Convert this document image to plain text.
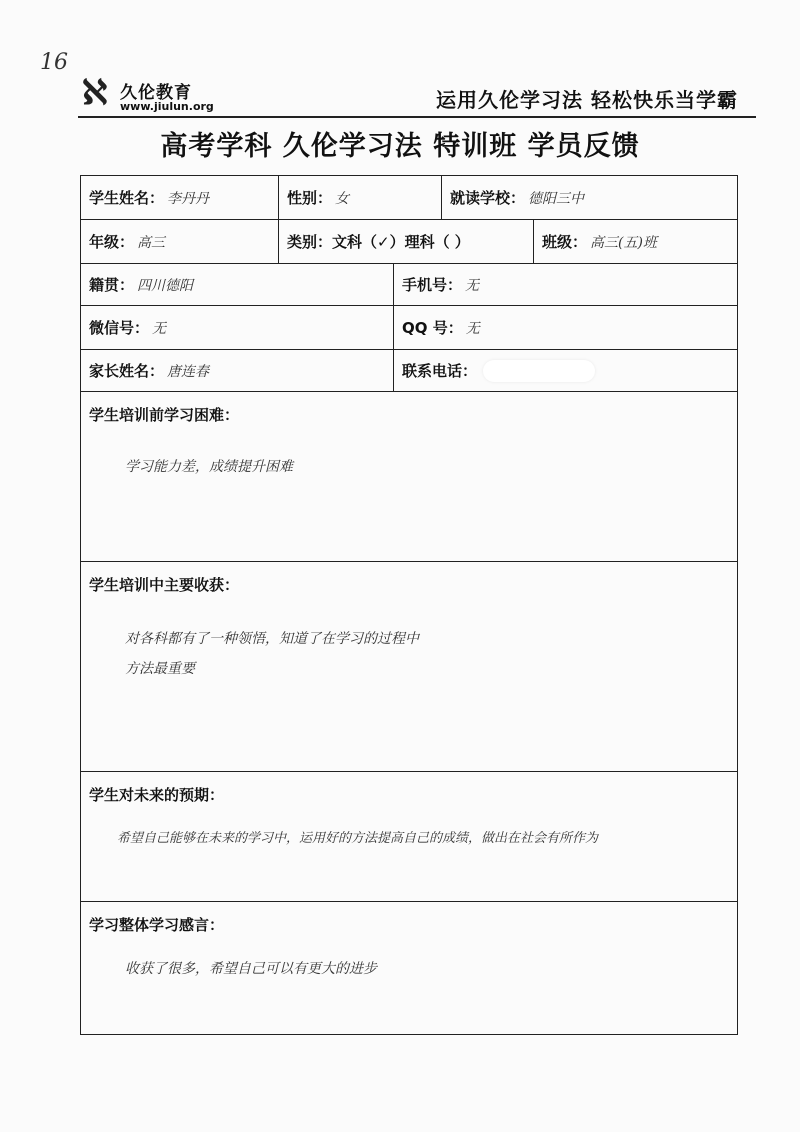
16
ℵ 久伦教育
www.jiulun.org	运用久伦学习法 轻松快乐当学霸
高考学科 久伦学习法 特训班 学员反馈
学生姓名： 李丹丹	性别： 女	就读学校： 德阳三中
年级： 高三	类别： 文科（✓）理科（ ）	班级： 高三(五)班
籍贯： 四川德阳	手机号： 无
微信号： 无	QQ 号： 无
家长姓名： 唐连春	联系电话：
学生培训前学习困难：
学习能力差，成绩提升困难
学生培训中主要收获：
对各科都有了一种领悟，知道了在学习的过程中
方法最重要
学生对未来的预期：
希望自己能够在未来的学习中，运用好的方法提高自己的成绩，做出在社会有所作为
学习整体学习感言：
收获了很多，希望自己可以有更大的进步
